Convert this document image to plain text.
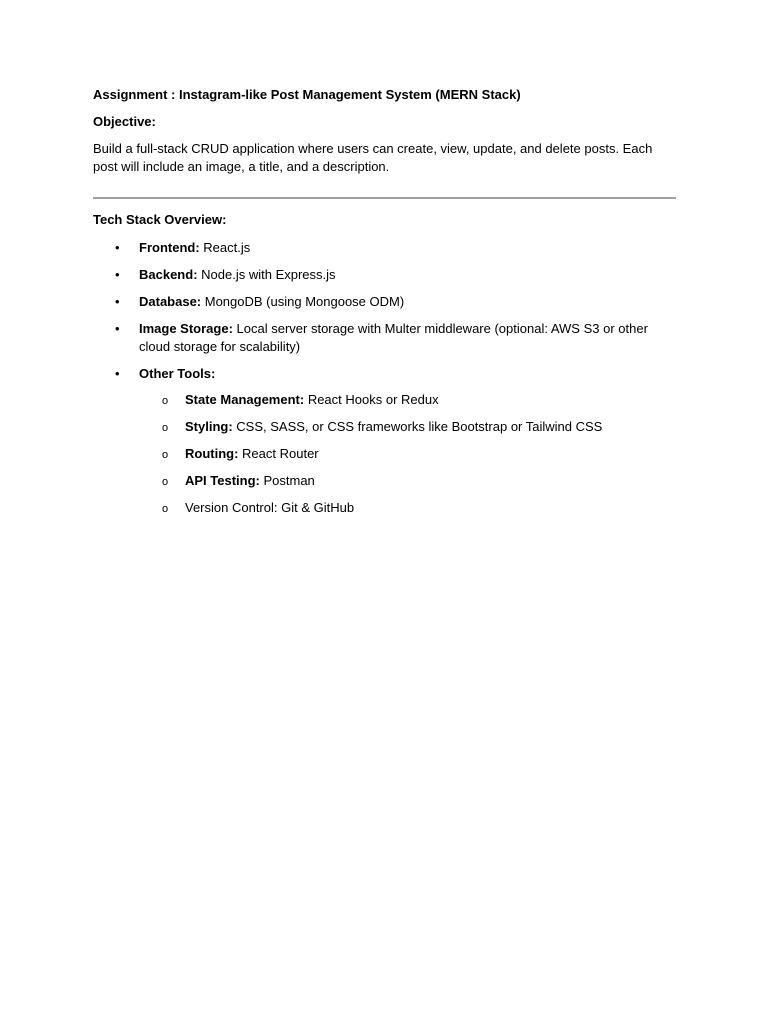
Assignment : Instagram-like Post Management System (MERN Stack)

Objective:

Build a full-stack CRUD application where users can create, view, update, and delete posts. Each post will include an image, a title, and a description.

Tech Stack Overview:

• Frontend: React.js
• Backend: Node.js with Express.js
• Database: MongoDB (using Mongoose ODM)
• Image Storage: Local server storage with Multer middleware (optional: AWS S3 or other cloud storage for scalability)
• Other Tools:
o State Management: React Hooks or Redux
o Styling: CSS, SASS, or CSS frameworks like Bootstrap or Tailwind CSS
o Routing: React Router
o API Testing: Postman
o Version Control: Git & GitHub
